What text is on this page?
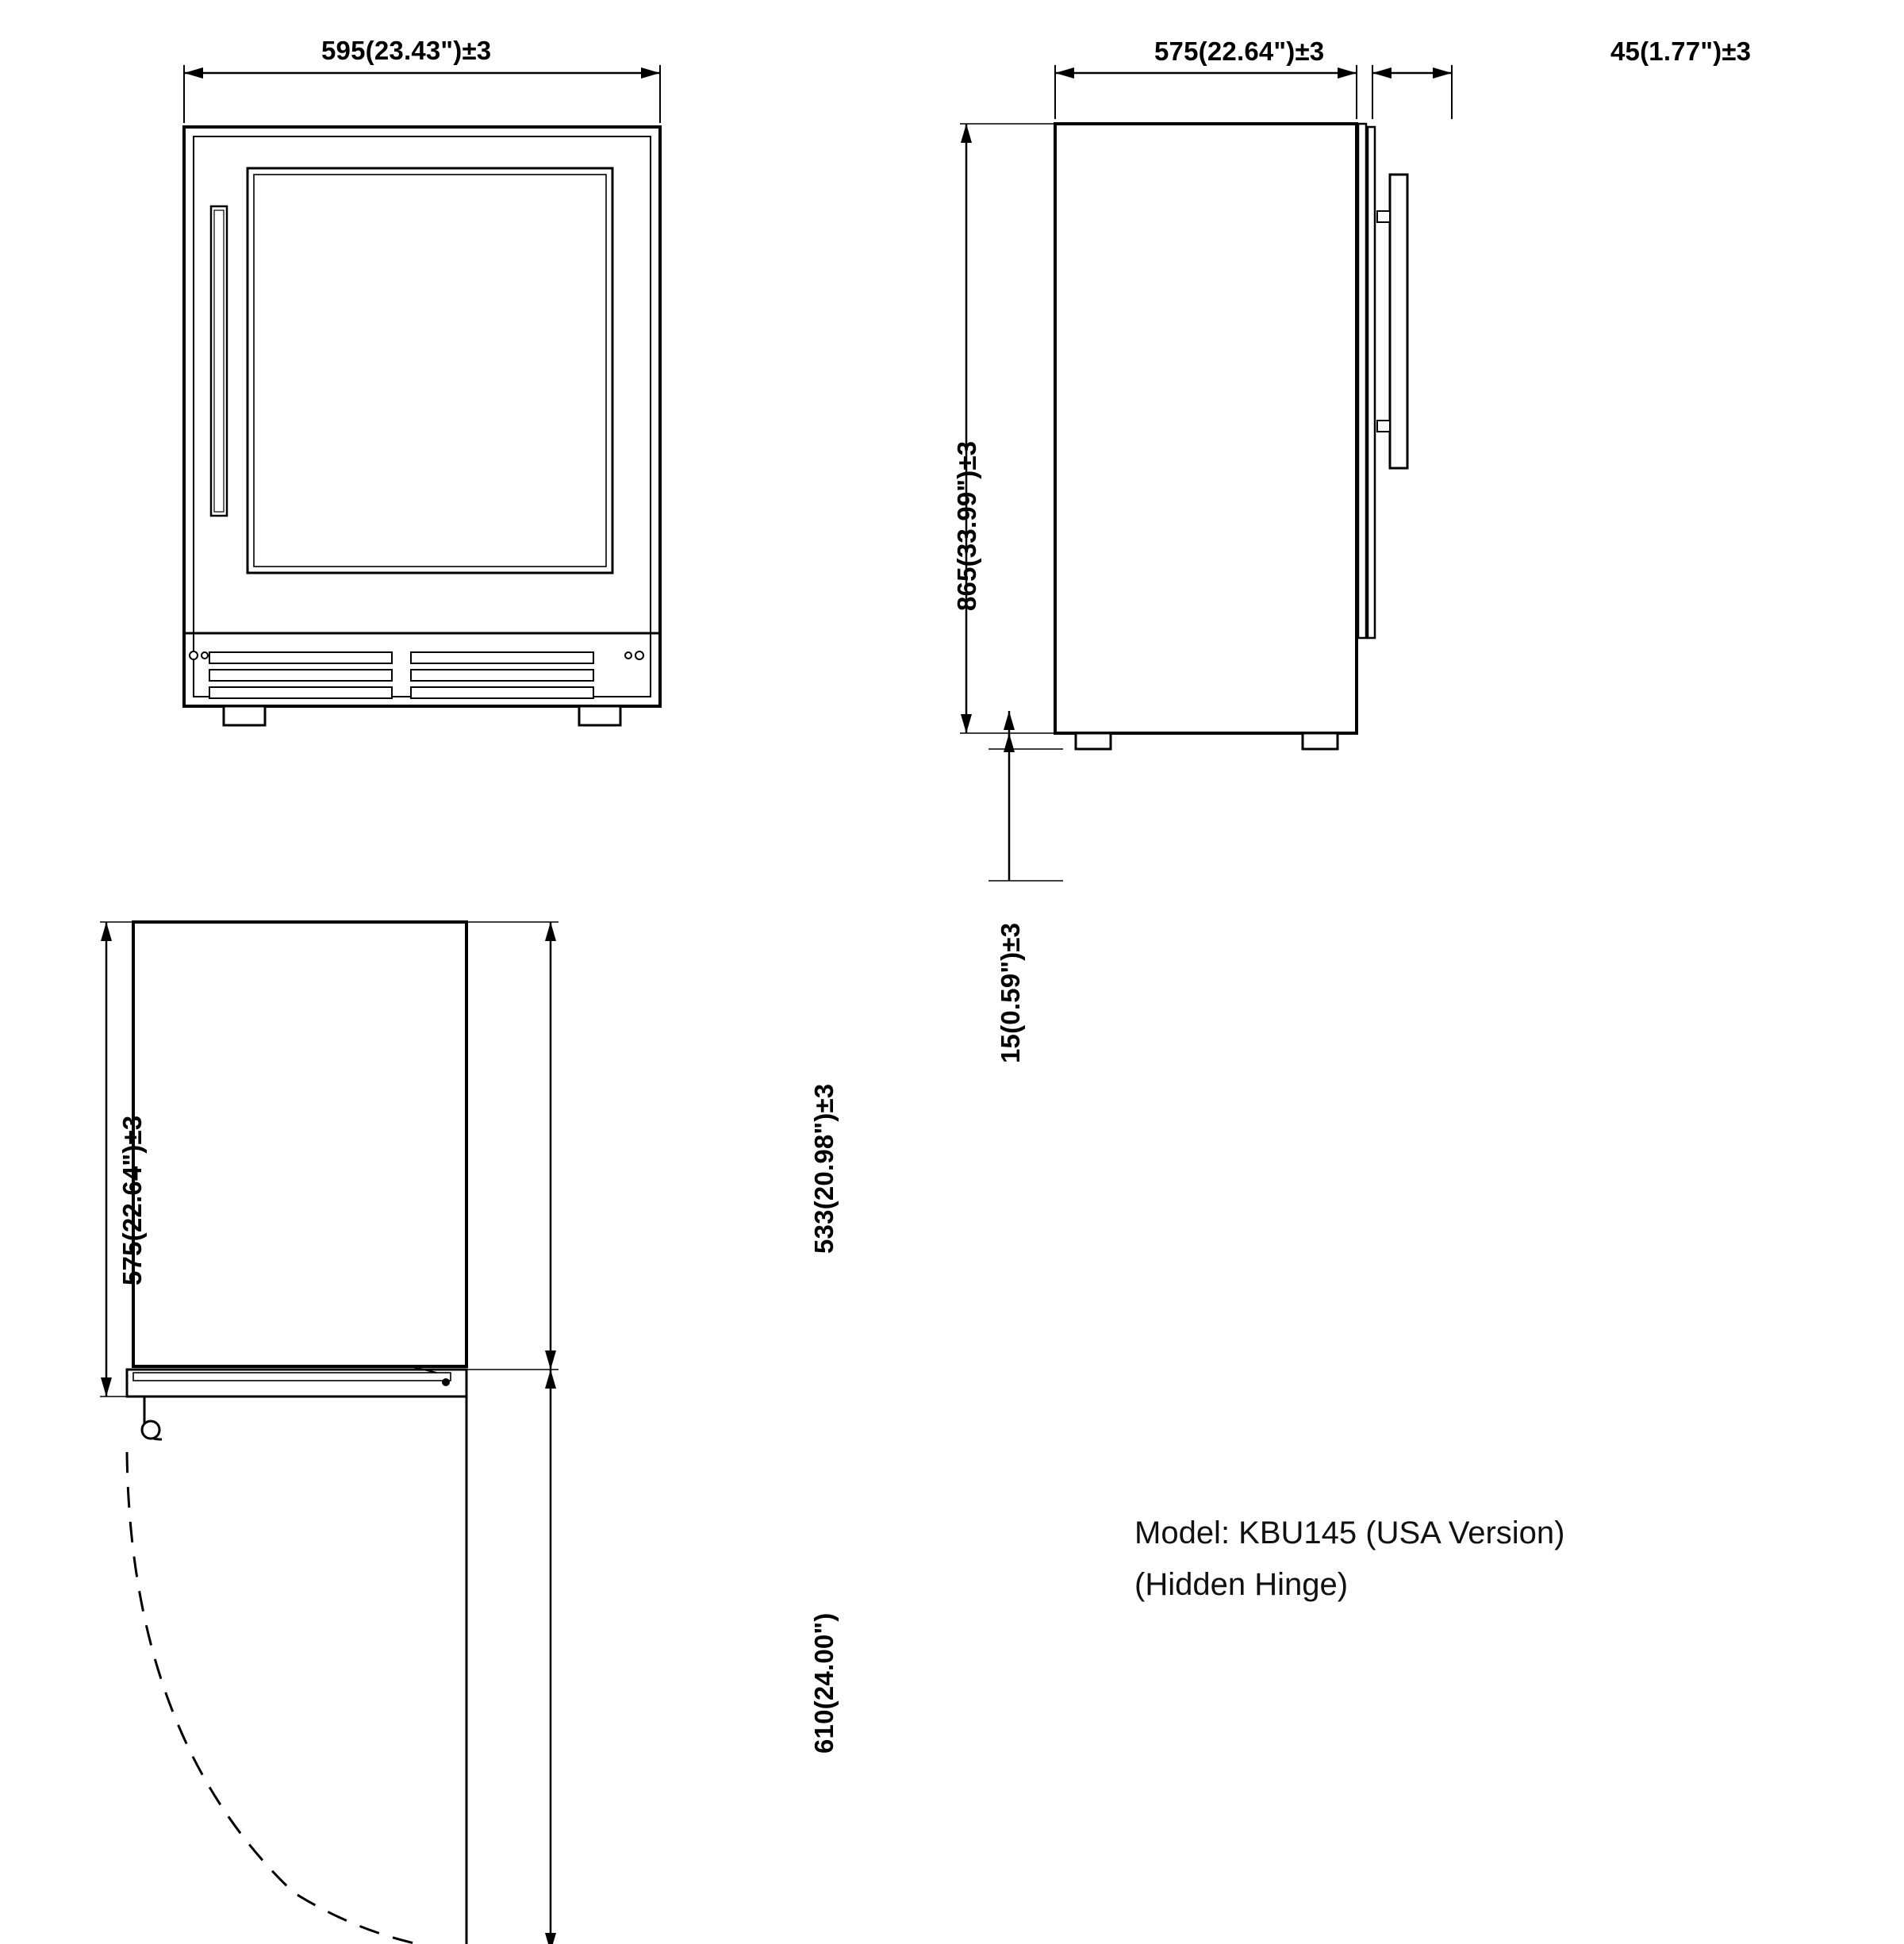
595(23.43")±3	575(22.64")±3	45(1.77")±3
865(33.99")±3
15(0.59")±3
575(22.64")±3	533(20.98")±3
610(24.00")
Model: KBU145 (USA Version)
(Hidden Hinge)
